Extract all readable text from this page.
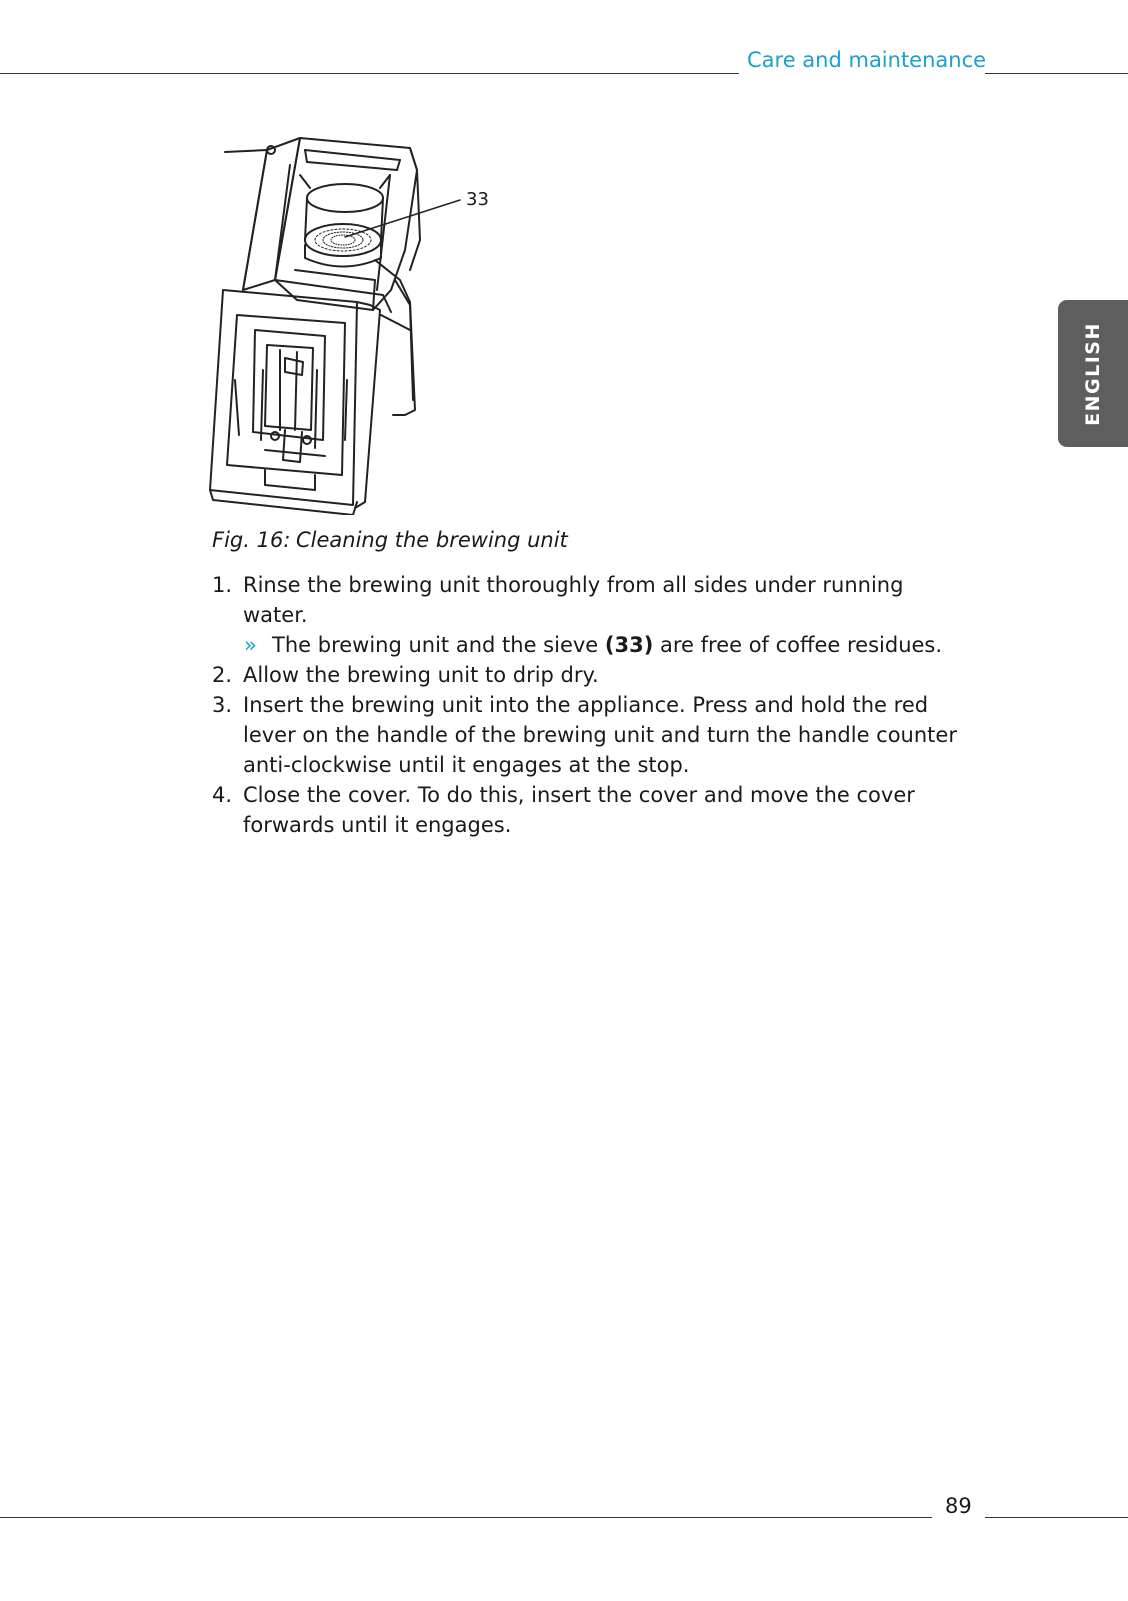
Care and maintenance
ENGLISH
33
Fig. 16: Cleaning the brewing unit
1. Rinse the brewing unit thoroughly from all sides under running water.
» The brewing unit and the sieve (33) are free of coffee residues.
2. Allow the brewing unit to drip dry.
3. Insert the brewing unit into the appliance. Press and hold the red lever on the handle of the brewing unit and turn the handle counter anti-clockwise until it engages at the stop.
4. Close the cover. To do this, insert the cover and move the cover forwards until it engages.
89
